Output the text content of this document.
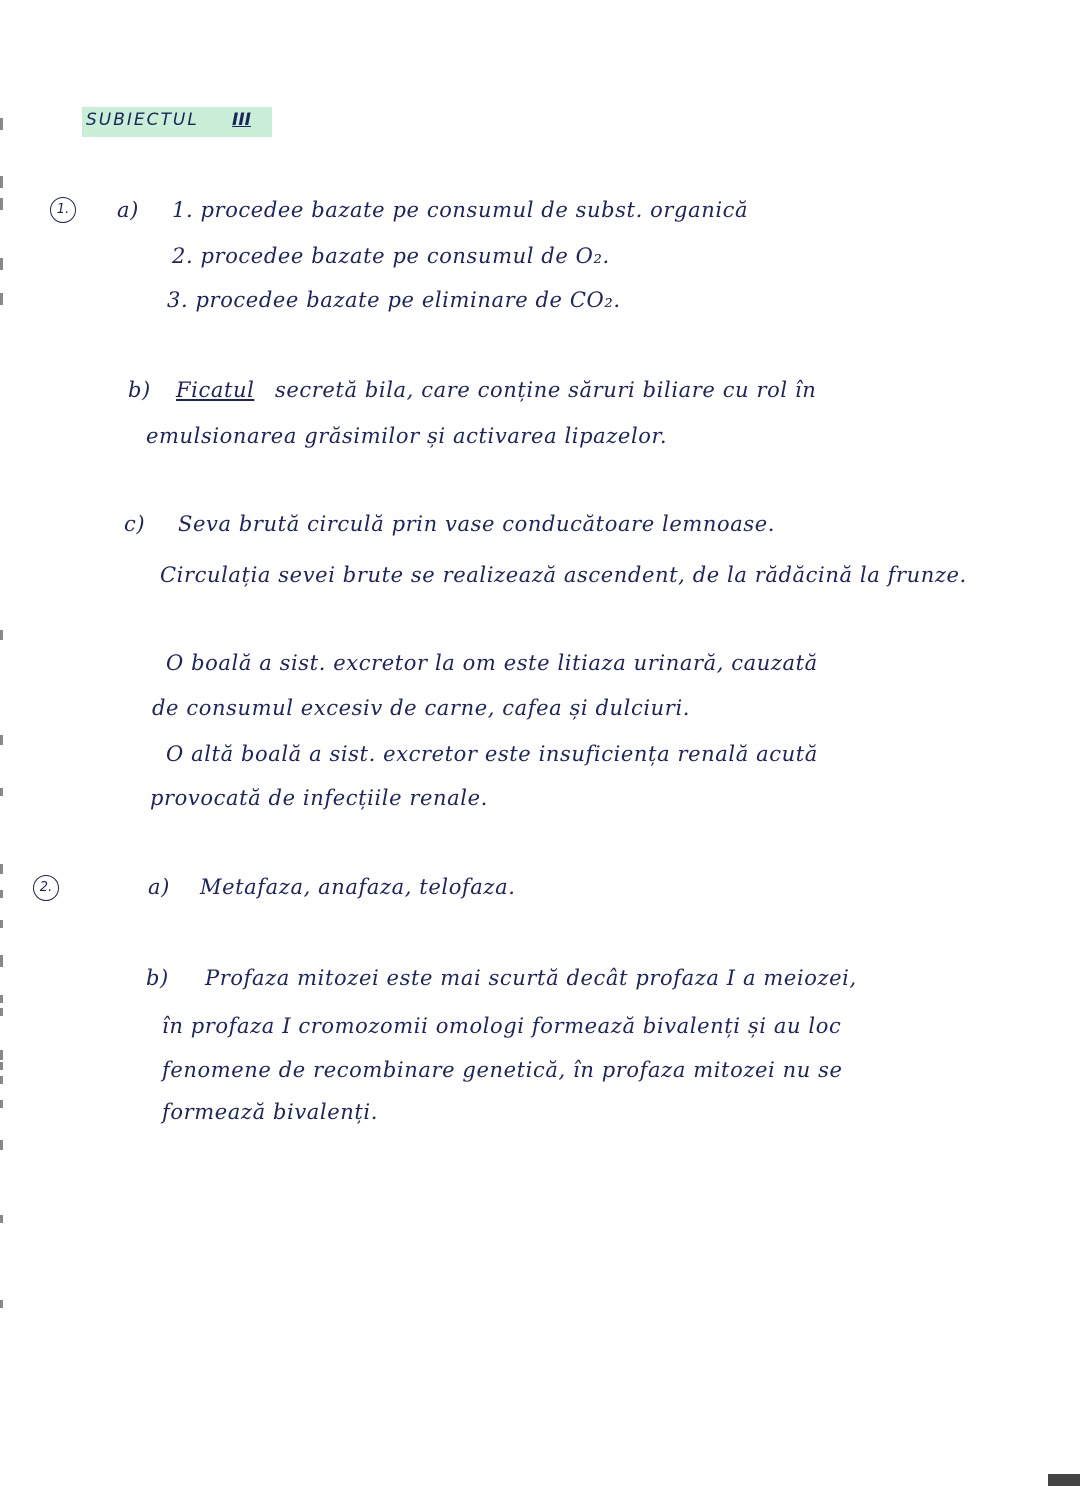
SUBIECTUL III
1.	a) 1. procedee bazate pe consumul de subst. organică
2. procedee bazate pe consumul de O₂.
3. procedee bazate pe eliminare de CO₂.
b) Ficatul secretă bila, care conține săruri biliare cu rol în
emulsionarea grăsimilor și activarea lipazelor.
c) Seva brută circulă prin vase conducătoare lemnoase.
Circulația sevei brute se realizează ascendent, de la rădăcină la frunze.
O boală a sist. excretor la om este litiaza urinară, cauzată
de consumul excesiv de carne, cafea și dulciuri.
O altă boală a sist. excretor este insuficiența renală acută
provocată de infecțiile renale.
2.	a) Metafaza, anafaza, telofaza.
b) Profaza mitozei este mai scurtă decât profaza I a meiozei,
în profaza I cromozomii omologi formează bivalenți și au loc
fenomene de recombinare genetică, în profaza mitozei nu se
formează bivalenți.
